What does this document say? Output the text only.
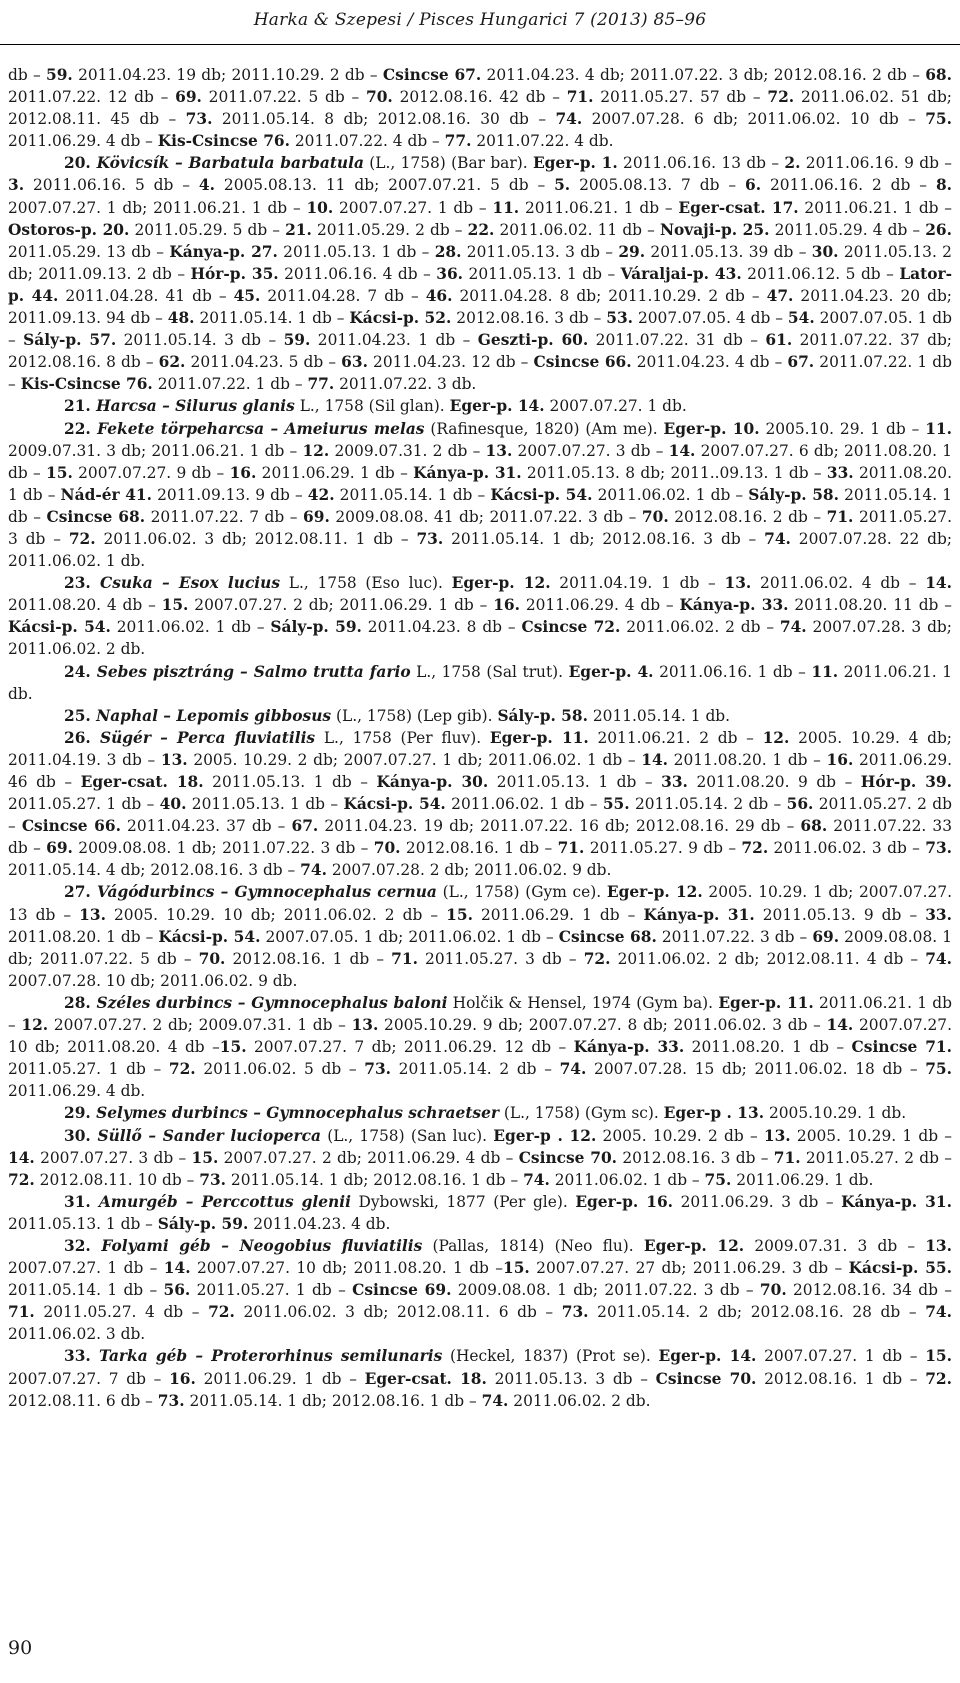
Harka & Szepesi / Pisces Hungarici 7 (2013) 85–96

db – 59. 2011.04.23. 19 db; 2011.10.29. 2 db – Csincse 67. 2011.04.23. 4 db; 2011.07.22. 3 db; 2012.08.16. 2 db – 68. 2011.07.22. 12 db – 69. 2011.07.22. 5 db – 70. 2012.08.16. 42 db – 71. 2011.05.27. 57 db – 72. 2011.06.02. 51 db; 2012.08.11. 45 db – 73. 2011.05.14. 8 db; 2012.08.16. 30 db – 74. 2007.07.28. 6 db; 2011.06.02. 10 db – 75. 2011.06.29. 4 db – Kis-Csincse 76. 2011.07.22. 4 db – 77. 2011.07.22. 4 db.

20. Kövicsík – Barbatula barbatula (L., 1758) (Bar bar). Eger-p. 1. 2011.06.16. 13 db – 2. 2011.06.16. 9 db – 3. 2011.06.16. 5 db – 4. 2005.08.13. 11 db; 2007.07.21. 5 db – 5. 2005.08.13. 7 db – 6. 2011.06.16. 2 db – 8. 2007.07.27. 1 db; 2011.06.21. 1 db – 10. 2007.07.27. 1 db – 11. 2011.06.21. 1 db – Eger-csat. 17. 2011.06.21. 1 db – Ostoros-p. 20. 2011.05.29. 5 db – 21. 2011.05.29. 2 db – 22. 2011.06.02. 11 db – Novaji-p. 25. 2011.05.29. 4 db – 26. 2011.05.29. 13 db – Kánya-p. 27. 2011.05.13. 1 db – 28. 2011.05.13. 3 db – 29. 2011.05.13. 39 db – 30. 2011.05.13. 2 db; 2011.09.13. 2 db – Hór-p. 35. 2011.06.16. 4 db – 36. 2011.05.13. 1 db – Váraljai-p. 43. 2011.06.12. 5 db – Lator-p. 44. 2011.04.28. 41 db – 45. 2011.04.28. 7 db – 46. 2011.04.28. 8 db; 2011.10.29. 2 db – 47. 2011.04.23. 20 db; 2011.09.13. 94 db – 48. 2011.05.14. 1 db – Kácsi-p. 52. 2012.08.16. 3 db – 53. 2007.07.05. 4 db – 54. 2007.07.05. 1 db – Sály-p. 57. 2011.05.14. 3 db – 59. 2011.04.23. 1 db – Geszti-p. 60. 2011.07.22. 31 db – 61. 2011.07.22. 37 db; 2012.08.16. 8 db – 62. 2011.04.23. 5 db – 63. 2011.04.23. 12 db – Csincse 66. 2011.04.23. 4 db – 67. 2011.07.22. 1 db – Kis-Csincse 76. 2011.07.22. 1 db – 77. 2011.07.22. 3 db.

21. Harcsa – Silurus glanis L., 1758 (Sil glan). Eger-p. 14. 2007.07.27. 1 db.

22. Fekete törpeharcsa – Ameiurus melas (Rafinesque, 1820) (Am me). Eger-p. 10. 2005.10. 29. 1 db – 11. 2009.07.31. 3 db; 2011.06.21. 1 db – 12. 2009.07.31. 2 db – 13. 2007.07.27. 3 db – 14. 2007.07.27. 6 db; 2011.08.20. 1 db – 15. 2007.07.27. 9 db – 16. 2011.06.29. 1 db – Kánya-p. 31. 2011.05.13. 8 db; 2011..09.13. 1 db – 33. 2011.08.20. 1 db – Nád-ér 41. 2011.09.13. 9 db – 42. 2011.05.14. 1 db – Kácsi-p. 54. 2011.06.02. 1 db – Sály-p. 58. 2011.05.14. 1 db – Csincse 68. 2011.07.22. 7 db – 69. 2009.08.08. 41 db; 2011.07.22. 3 db – 70. 2012.08.16. 2 db – 71. 2011.05.27. 3 db – 72. 2011.06.02. 3 db; 2012.08.11. 1 db – 73. 2011.05.14. 1 db; 2012.08.16. 3 db – 74. 2007.07.28. 22 db; 2011.06.02. 1 db.

23. Csuka – Esox lucius L., 1758 (Eso luc). Eger-p. 12. 2011.04.19. 1 db – 13. 2011.06.02. 4 db – 14. 2011.08.20. 4 db – 15. 2007.07.27. 2 db; 2011.06.29. 1 db – 16. 2011.06.29. 4 db – Kánya-p. 33. 2011.08.20. 11 db – Kácsi-p. 54. 2011.06.02. 1 db – Sály-p. 59. 2011.04.23. 8 db – Csincse 72. 2011.06.02. 2 db – 74. 2007.07.28. 3 db; 2011.06.02. 2 db.

24. Sebes pisztráng – Salmo trutta fario L., 1758 (Sal trut). Eger-p. 4. 2011.06.16. 1 db – 11. 2011.06.21. 1 db.

25. Naphal – Lepomis gibbosus (L., 1758) (Lep gib). Sály-p. 58. 2011.05.14. 1 db.

26. Sügér – Perca fluviatilis L., 1758 (Per fluv). Eger-p. 11. 2011.06.21. 2 db – 12. 2005. 10.29. 4 db; 2011.04.19. 3 db – 13. 2005. 10.29. 2 db; 2007.07.27. 1 db; 2011.06.02. 1 db – 14. 2011.08.20. 1 db – 16. 2011.06.29. 46 db – Eger-csat. 18. 2011.05.13. 1 db – Kánya-p. 30. 2011.05.13. 1 db – 33. 2011.08.20. 9 db – Hór-p. 39. 2011.05.27. 1 db – 40. 2011.05.13. 1 db – Kácsi-p. 54. 2011.06.02. 1 db – 55. 2011.05.14. 2 db – 56. 2011.05.27. 2 db – Csincse 66. 2011.04.23. 37 db – 67. 2011.04.23. 19 db; 2011.07.22. 16 db; 2012.08.16. 29 db – 68. 2011.07.22. 33 db – 69. 2009.08.08. 1 db; 2011.07.22. 3 db – 70. 2012.08.16. 1 db – 71. 2011.05.27. 9 db – 72. 2011.06.02. 3 db – 73. 2011.05.14. 4 db; 2012.08.16. 3 db – 74. 2007.07.28. 2 db; 2011.06.02. 9 db.

27. Vágódurbincs – Gymnocephalus cernua (L., 1758) (Gym ce). Eger-p. 12. 2005. 10.29. 1 db; 2007.07.27. 13 db – 13. 2005. 10.29. 10 db; 2011.06.02. 2 db – 15. 2011.06.29. 1 db – Kánya-p. 31. 2011.05.13. 9 db – 33. 2011.08.20. 1 db – Kácsi-p. 54. 2007.07.05. 1 db; 2011.06.02. 1 db – Csincse 68. 2011.07.22. 3 db – 69. 2009.08.08. 1 db; 2011.07.22. 5 db – 70. 2012.08.16. 1 db – 71. 2011.05.27. 3 db – 72. 2011.06.02. 2 db; 2012.08.11. 4 db – 74. 2007.07.28. 10 db; 2011.06.02. 9 db.

28. Széles durbincs – Gymnocephalus baloni Holčik & Hensel, 1974 (Gym ba). Eger-p. 11. 2011.06.21. 1 db – 12. 2007.07.27. 2 db; 2009.07.31. 1 db – 13. 2005.10.29. 9 db; 2007.07.27. 8 db; 2011.06.02. 3 db – 14. 2007.07.27. 10 db; 2011.08.20. 4 db –15. 2007.07.27. 7 db; 2011.06.29. 12 db – Kánya-p. 33. 2011.08.20. 1 db – Csincse 71. 2011.05.27. 1 db – 72. 2011.06.02. 5 db – 73. 2011.05.14. 2 db – 74. 2007.07.28. 15 db; 2011.06.02. 18 db – 75. 2011.06.29. 4 db.

29. Selymes durbincs – Gymnocephalus schraetser (L., 1758) (Gym sc). Eger-p . 13. 2005.10.29. 1 db.

30. Süllő – Sander lucioperca (L., 1758) (San luc). Eger-p . 12. 2005. 10.29. 2 db – 13. 2005. 10.29. 1 db – 14. 2007.07.27. 3 db – 15. 2007.07.27. 2 db; 2011.06.29. 4 db – Csincse 70. 2012.08.16. 3 db – 71. 2011.05.27. 2 db – 72. 2012.08.11. 10 db – 73. 2011.05.14. 1 db; 2012.08.16. 1 db – 74. 2011.06.02. 1 db – 75. 2011.06.29. 1 db.

31. Amurgéb – Perccottus glenii Dybowski, 1877 (Per gle). Eger-p. 16. 2011.06.29. 3 db – Kánya-p. 31. 2011.05.13. 1 db – Sály-p. 59. 2011.04.23. 4 db.

32. Folyami géb – Neogobius fluviatilis (Pallas, 1814) (Neo flu). Eger-p. 12. 2009.07.31. 3 db – 13. 2007.07.27. 1 db – 14. 2007.07.27. 10 db; 2011.08.20. 1 db –15. 2007.07.27. 27 db; 2011.06.29. 3 db – Kácsi-p. 55. 2011.05.14. 1 db – 56. 2011.05.27. 1 db – Csincse 69. 2009.08.08. 1 db; 2011.07.22. 3 db – 70. 2012.08.16. 34 db – 71. 2011.05.27. 4 db – 72. 2011.06.02. 3 db; 2012.08.11. 6 db – 73. 2011.05.14. 2 db; 2012.08.16. 28 db – 74. 2011.06.02. 3 db.

33. Tarka géb – Proterorhinus semilunaris (Heckel, 1837) (Prot se). Eger-p. 14. 2007.07.27. 1 db – 15. 2007.07.27. 7 db – 16. 2011.06.29. 1 db – Eger-csat. 18. 2011.05.13. 3 db – Csincse 70. 2012.08.16. 1 db – 72. 2012.08.11. 6 db – 73. 2011.05.14. 1 db; 2012.08.16. 1 db – 74. 2011.06.02. 2 db.

90
